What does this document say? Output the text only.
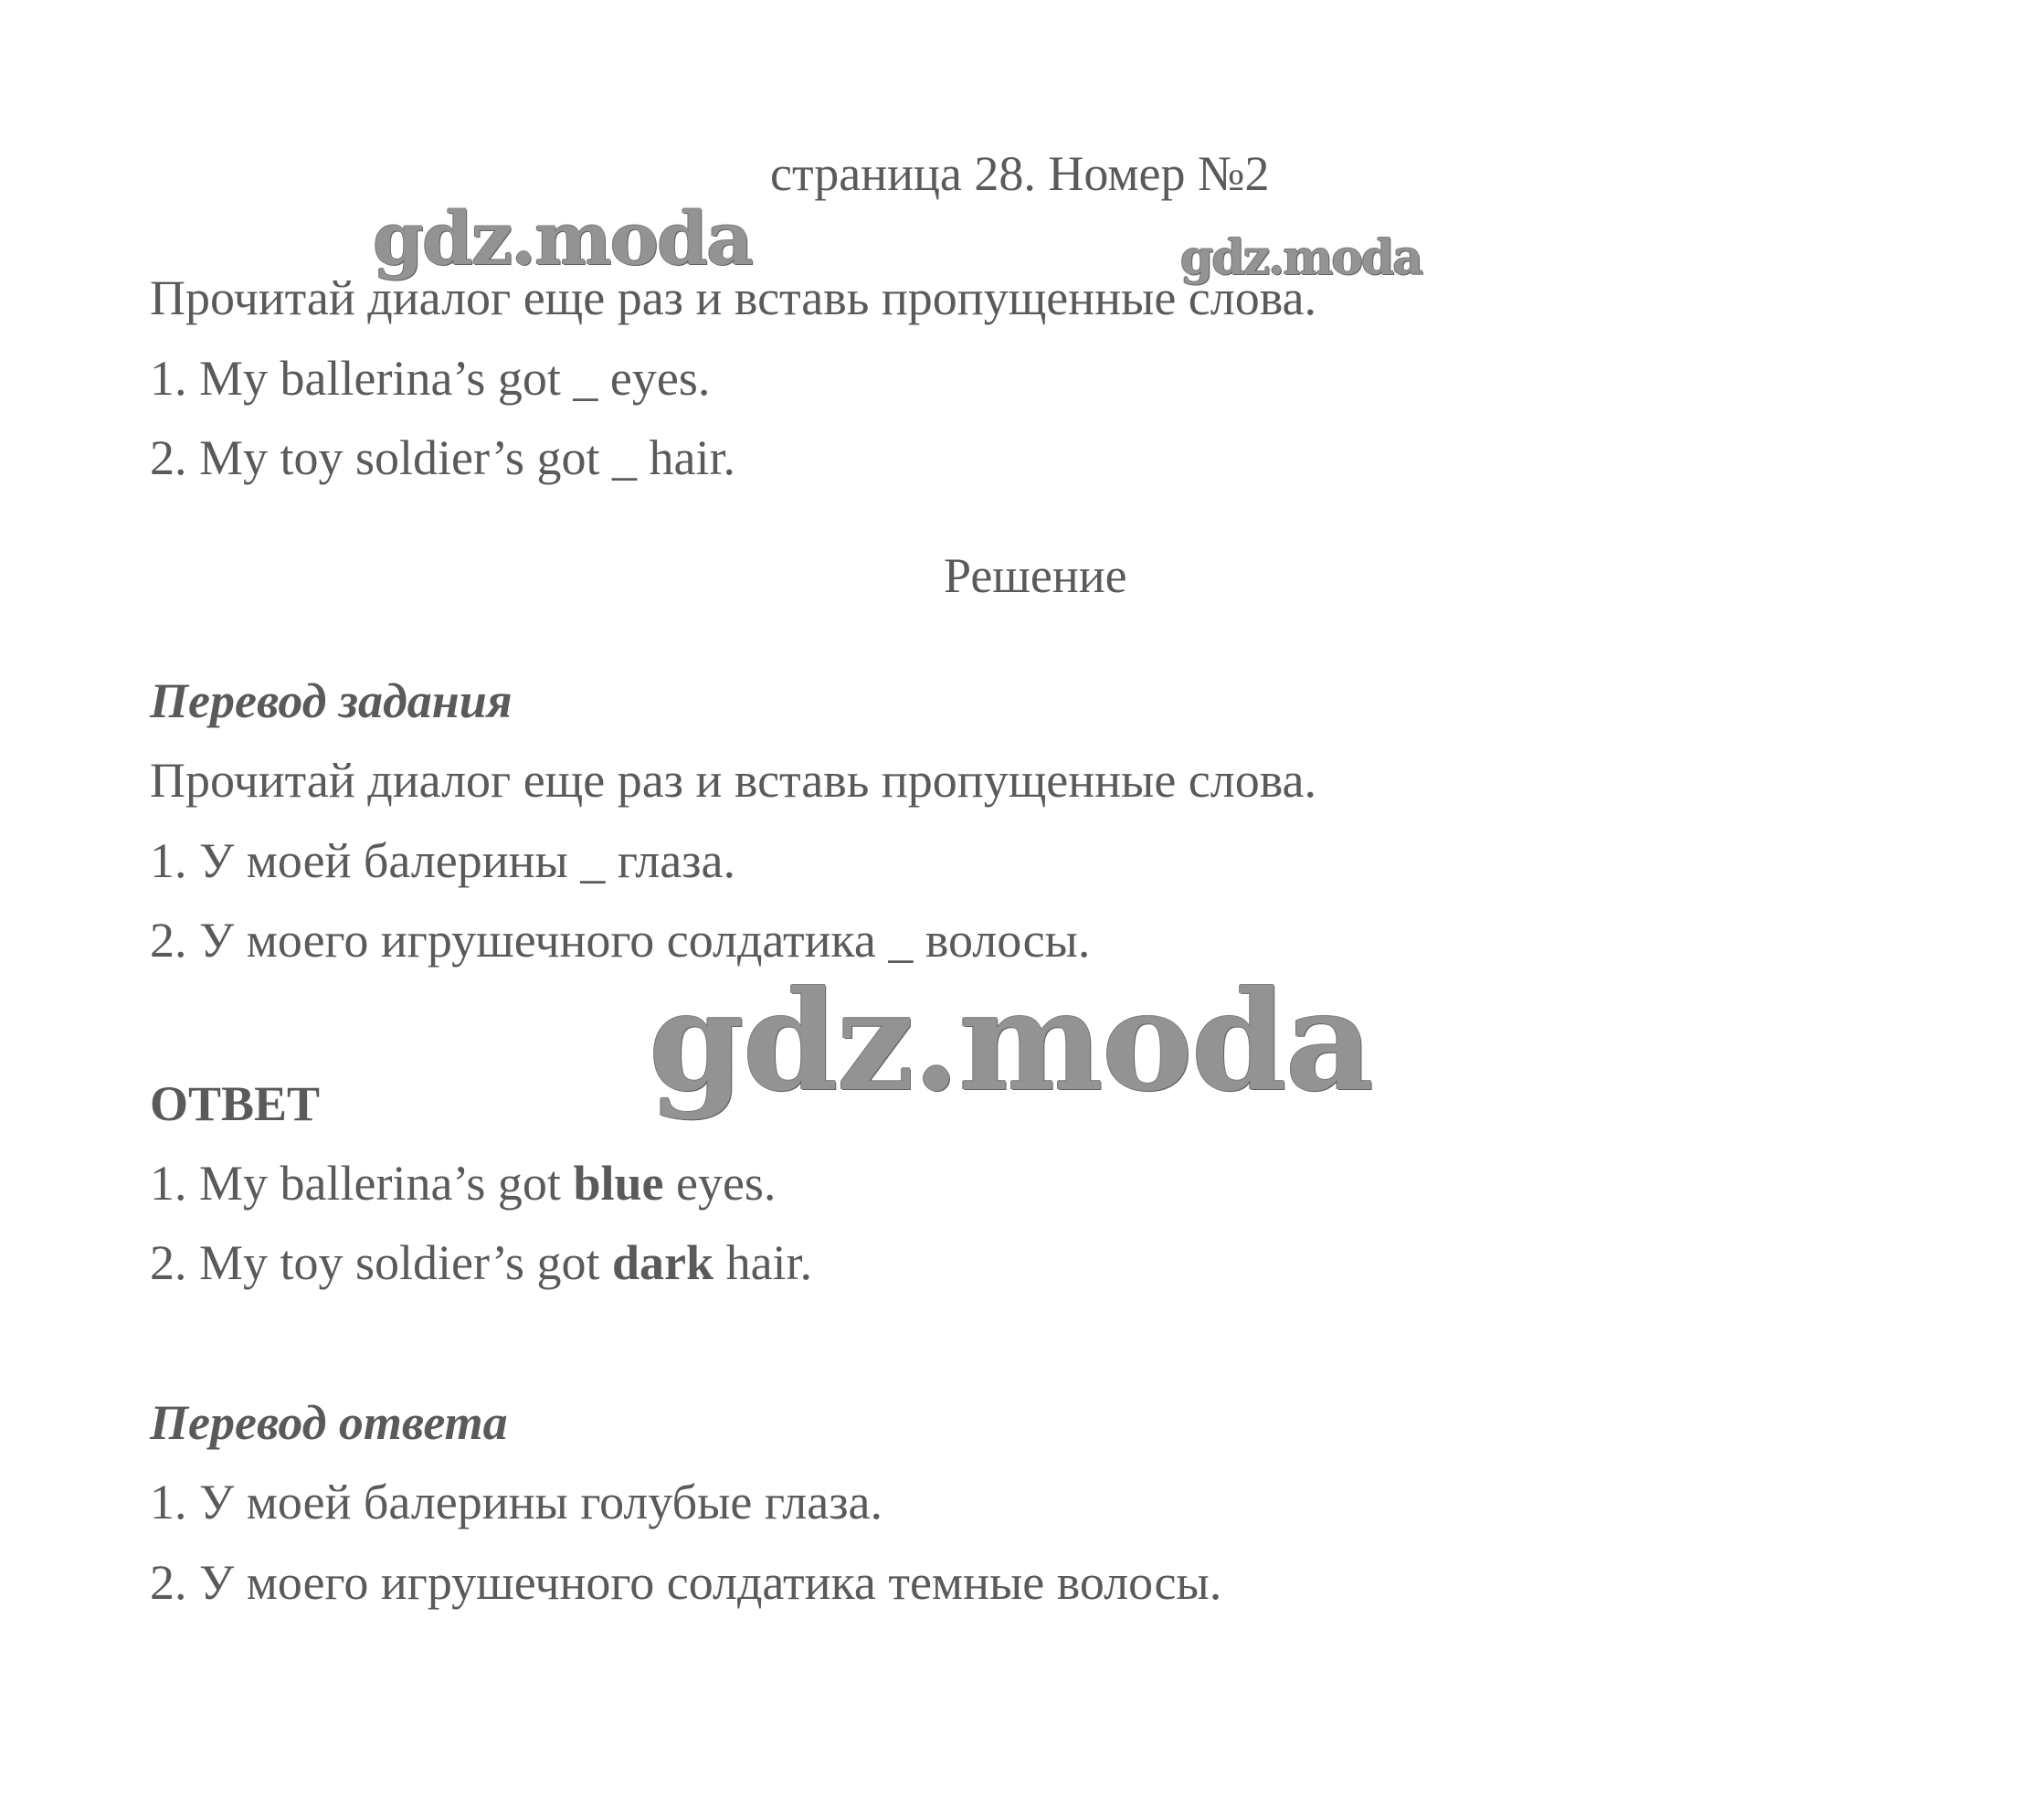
страница 28. Номер №2
gdz.moda	gdz.moda
Прочитай диалог еще раз и вставь пропущенные слова.
1. My ballerina’s got _ eyes.
2. My toy soldier’s got _ hair.
Решение
Перевод задания
Прочитай диалог еще раз и вставь пропущенные слова.
1. У моей балерины _ глаза.
2. У моего игрушечного солдатика _ волосы.
gdz.moda
ОТВЕТ
1. My ballerina’s got blue eyes.
2. My toy soldier’s got dark hair.
Перевод ответа
1. У моей балерины голубые глаза.
2. У моего игрушечного солдатика темные волосы.
